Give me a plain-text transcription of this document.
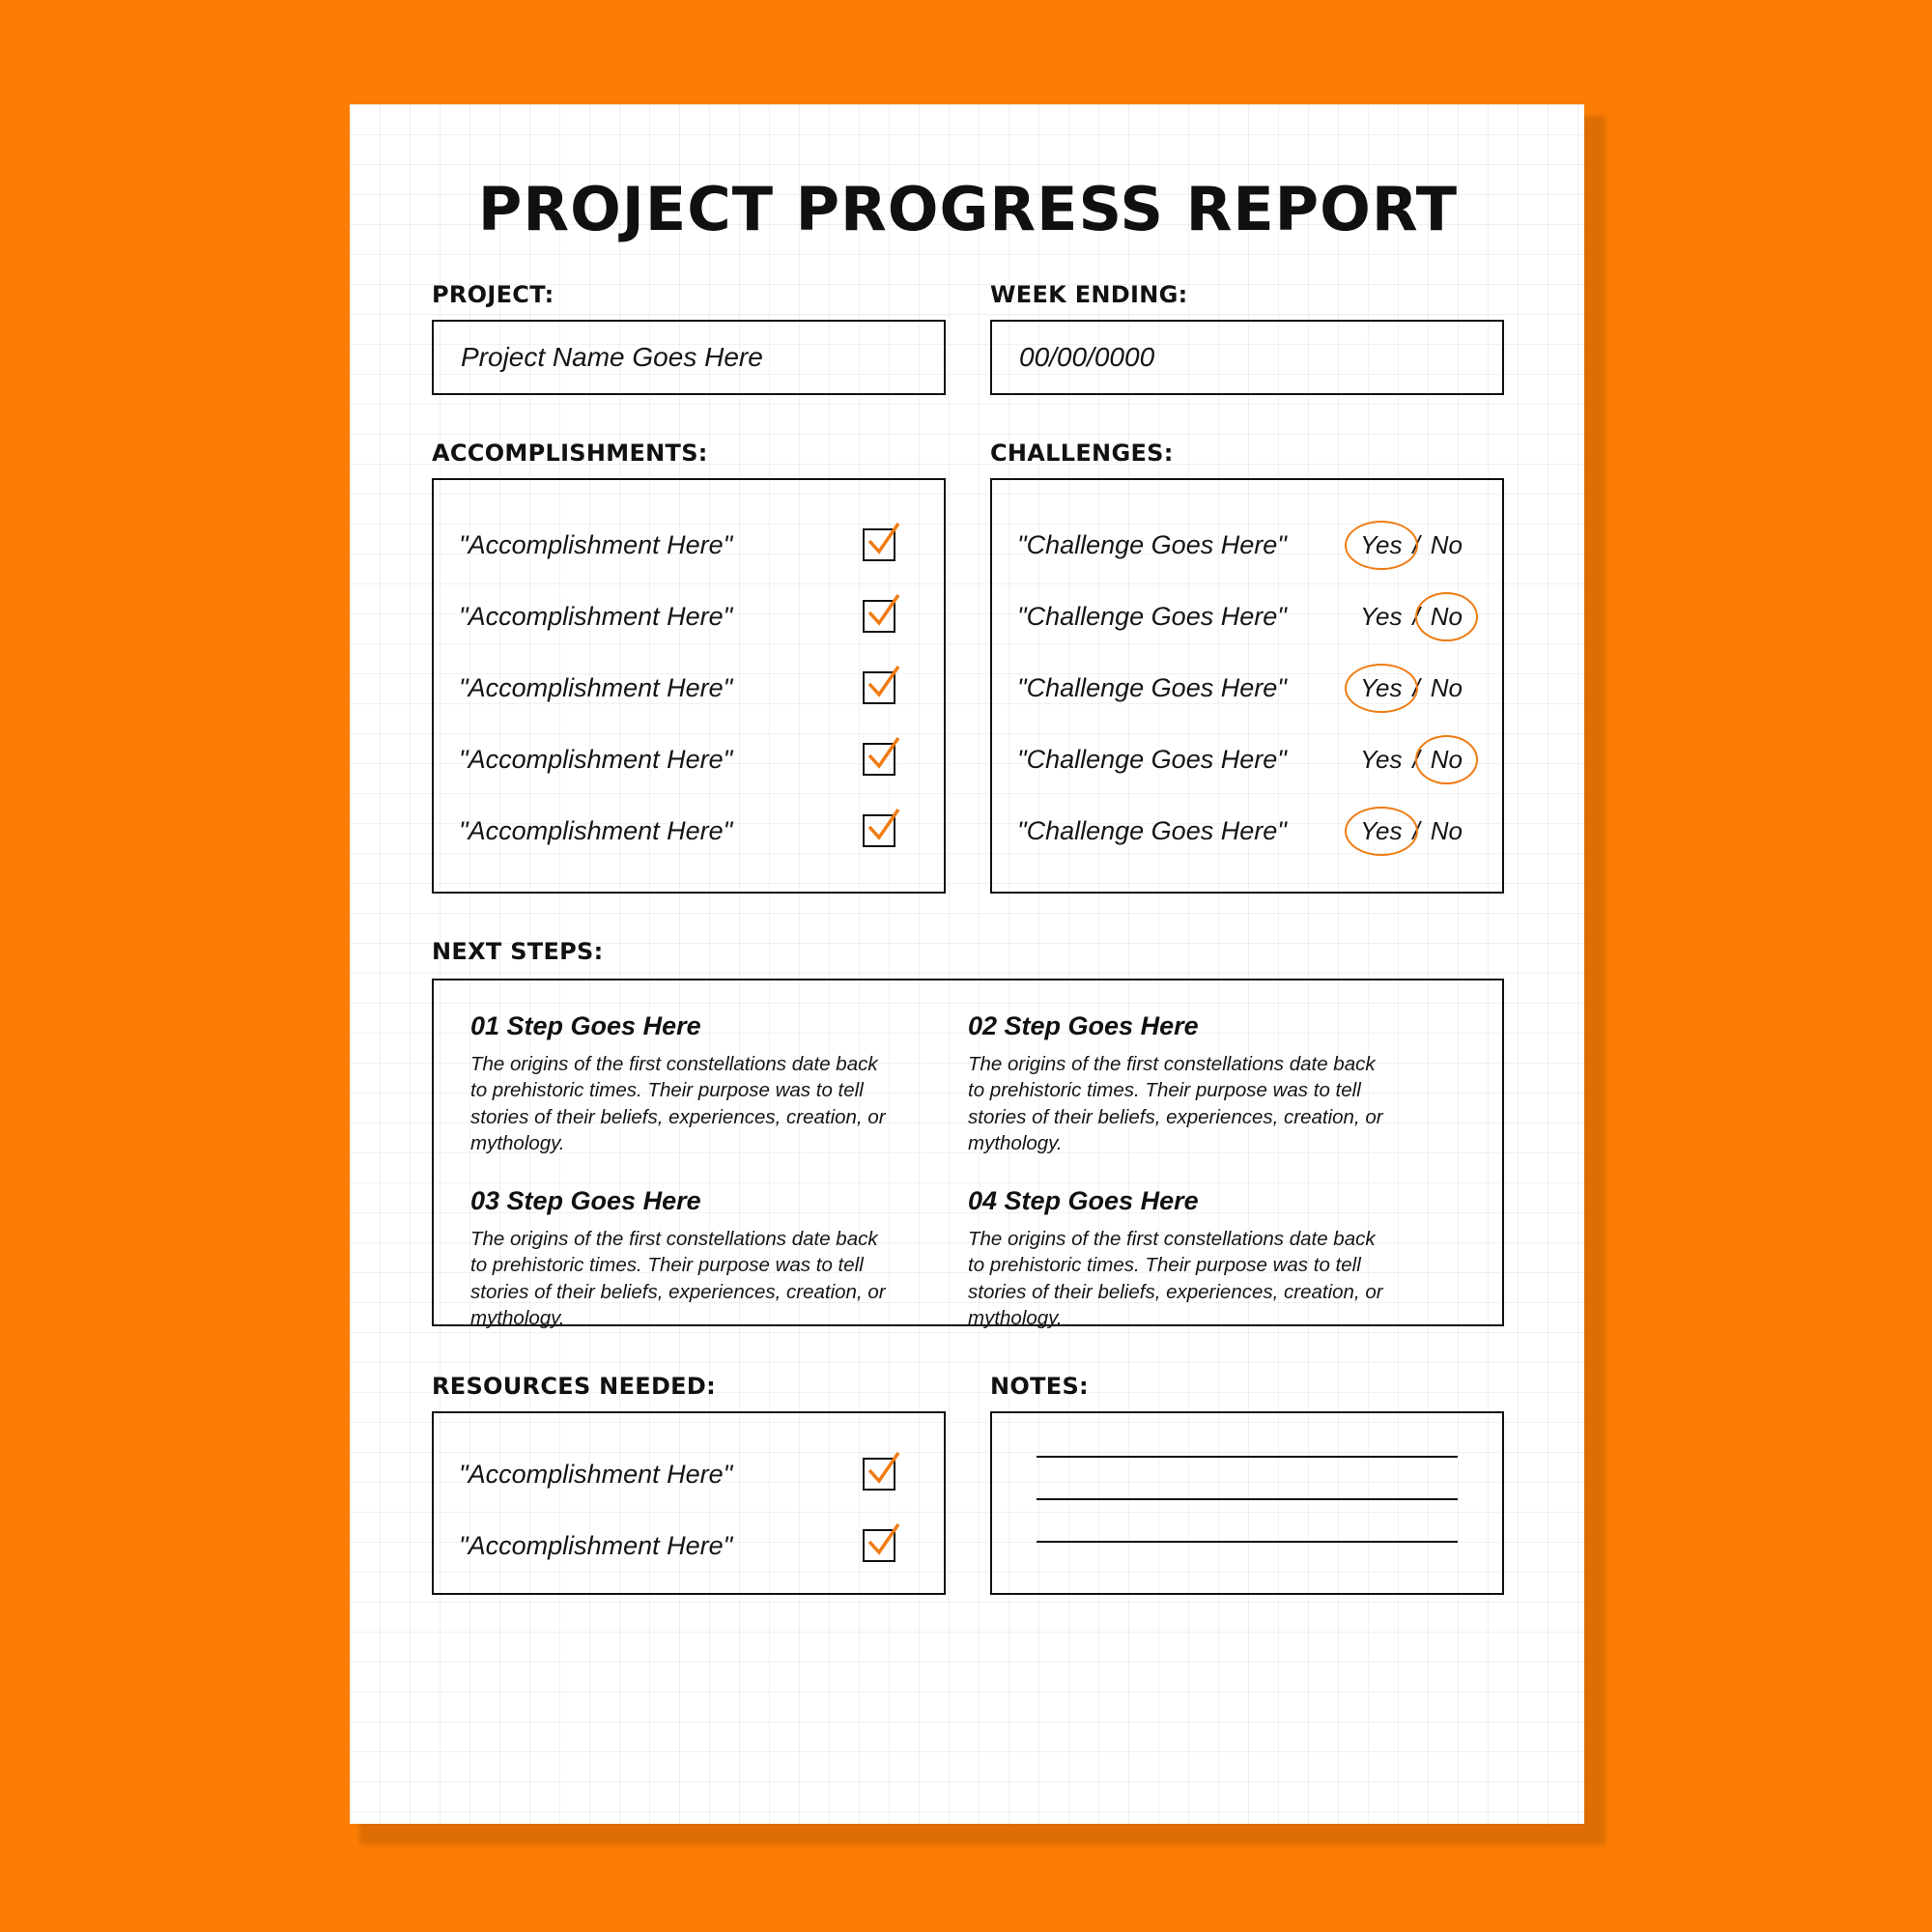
PROJECT PROGRESS REPORT
PROJECT:
Project Name Goes Here
WEEK ENDING:
00/00/0000
ACCOMPLISHMENTS:
"Accomplishment Here"
"Accomplishment Here"
"Accomplishment Here"
"Accomplishment Here"
"Accomplishment Here"
CHALLENGES:
"Challenge Goes Here"	Yes / No
"Challenge Goes Here"	Yes / No
"Challenge Goes Here"	Yes / No
"Challenge Goes Here"	Yes / No
"Challenge Goes Here"	Yes / No
NEXT STEPS:
01 Step Goes Here
The origins of the first constellations date back to prehistoric times. Their purpose was to tell stories of their beliefs, experiences, creation, or mythology.
02 Step Goes Here
The origins of the first constellations date back to prehistoric times. Their purpose was to tell stories of their beliefs, experiences, creation, or mythology.
03 Step Goes Here
The origins of the first constellations date back to prehistoric times. Their purpose was to tell stories of their beliefs, experiences, creation, or mythology.
04 Step Goes Here
The origins of the first constellations date back to prehistoric times. Their purpose was to tell stories of their beliefs, experiences, creation, or mythology.
RESOURCES NEEDED:
"Accomplishment Here"
"Accomplishment Here"
NOTES:
